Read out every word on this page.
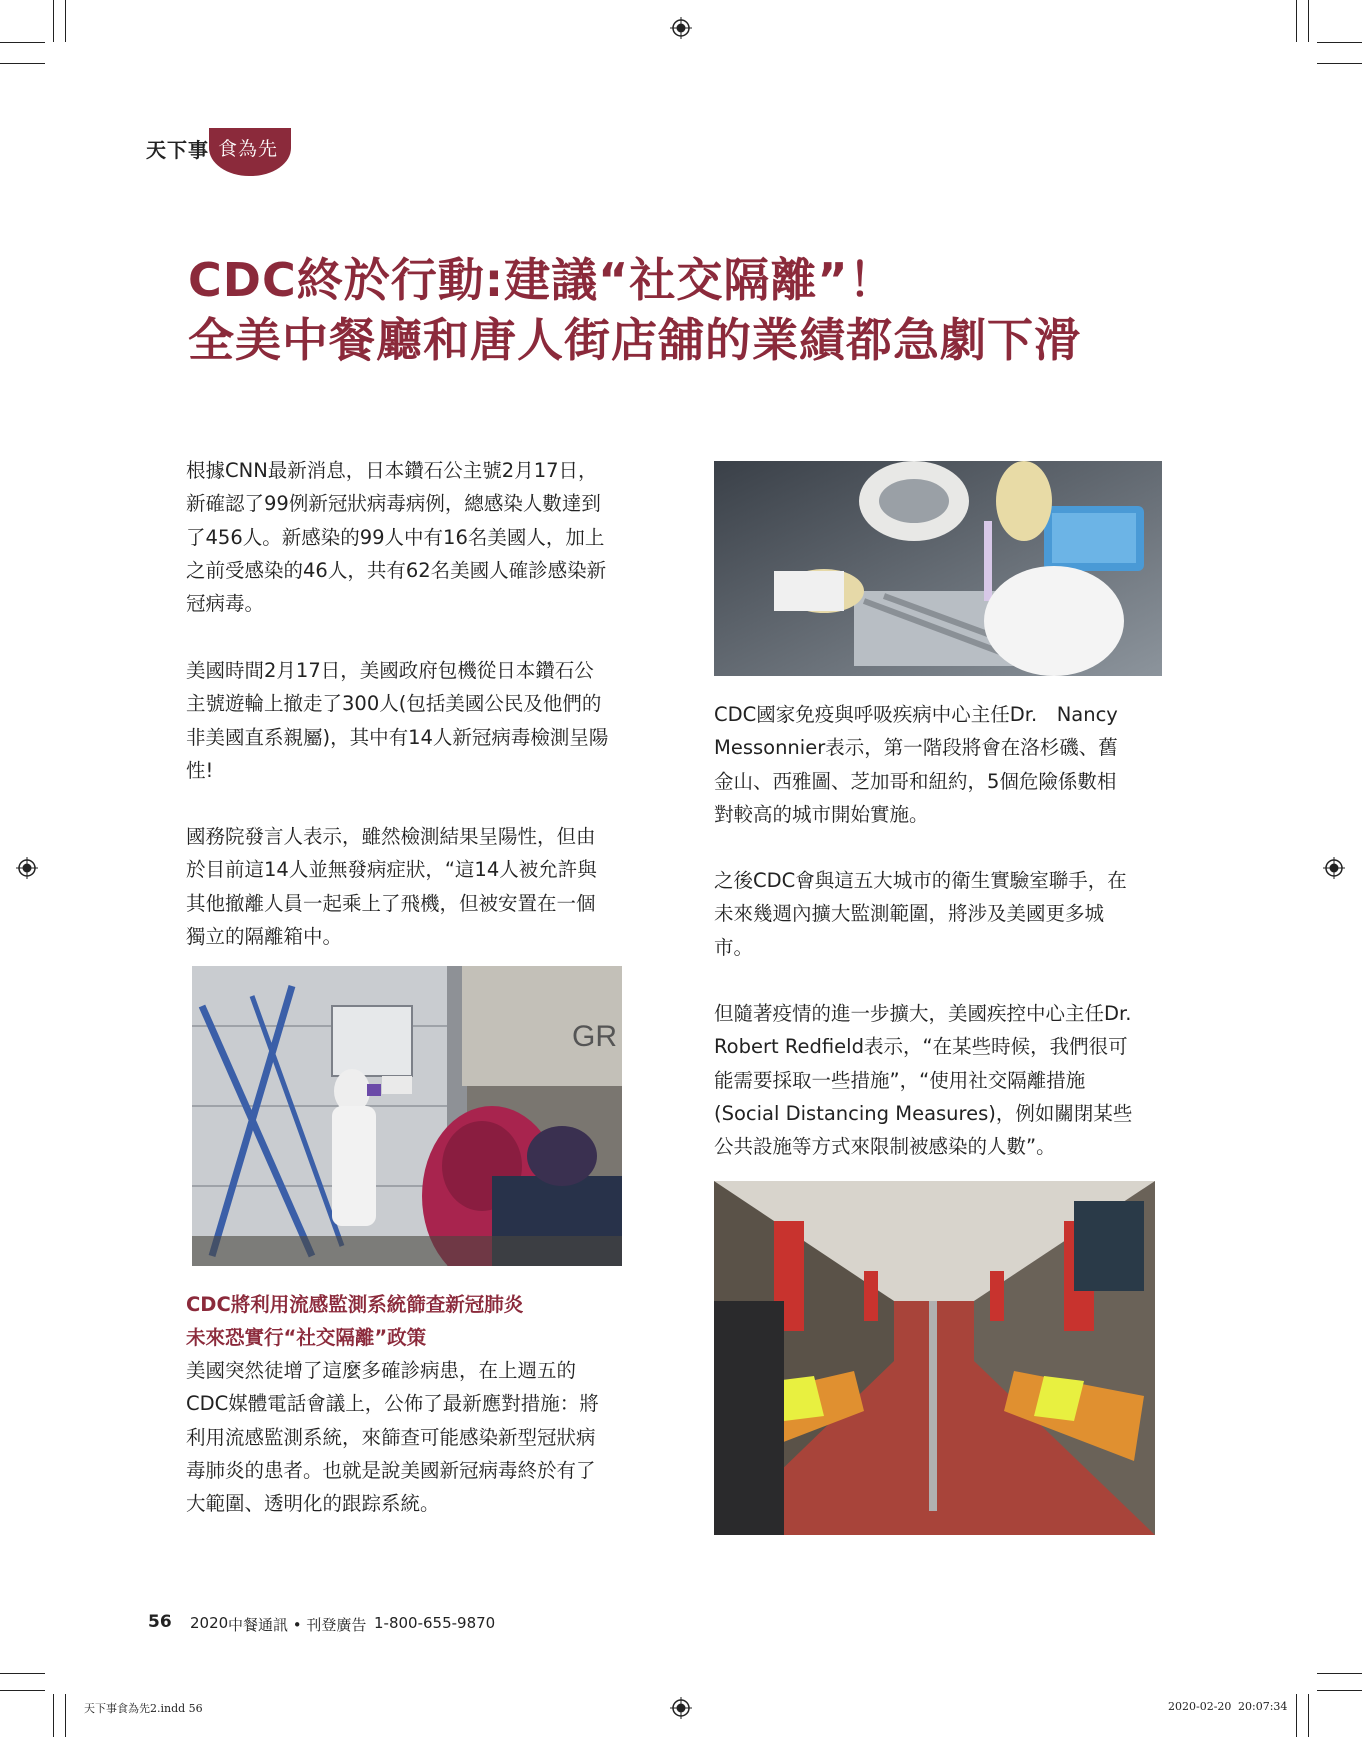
天下事 食為先
CDC終於行動:建議“社交隔離”！
全美中餐廳和唐人街店舖的業績都急劇下滑

根據CNN最新消息，日本鑽石公主號2月17日，
新確認了99例新冠狀病毒病例，總感染人數達到
了456人。新感染的99人中有16名美國人，加上
之前受感染的46人，共有62名美國人確診感染新
冠病毒。

美國時間2月17日，美國政府包機從日本鑽石公
主號遊輪上撤走了300人(包括美國公民及他們的
非美國直系親屬)，其中有14人新冠病毒檢測呈陽
性!

國務院發言人表示，雖然檢測結果呈陽性，但由
於目前這14人並無發病症狀，“這14人被允許與
其他撤離人員一起乘上了飛機，但被安置在一個
獨立的隔離箱中。

GR
CDC將利用流感監測系統篩查新冠肺炎
未來恐實行“社交隔離”政策

美國突然徒增了這麼多確診病患，在上週五的
CDC媒體電話會議上，公佈了最新應對措施：將
利用流感監測系統，來篩查可能感染新型冠狀病
毒肺炎的患者。也就是說美國新冠病毒終於有了
大範圍、透明化的跟踪系統。

CDC國家免疫與呼吸疾病中心主任Dr.　Nancy
Messonnier表示，第一階段將會在洛杉磯、舊
金山、西雅圖、芝加哥和紐約，5個危險係數相
對較高的城市開始實施。

之後CDC會與這五大城市的衛生實驗室聯手，在
未來幾週內擴大監測範圍，將涉及美國更多城
市。

但隨著疫情的進一步擴大，美國疾控中心主任Dr.
Robert Redfield表示，“在某些時候，我們很可
能需要採取一些措施”，“使用社交隔離措施
(Social Distancing Measures)，例如關閉某些
公共設施等方式來限制被感染的人數”。

56 2020 中餐通訊 • 刊登廣告 1-800-655-9870
天下事食為先2.indd 56	2020-02-20 20:07:34
